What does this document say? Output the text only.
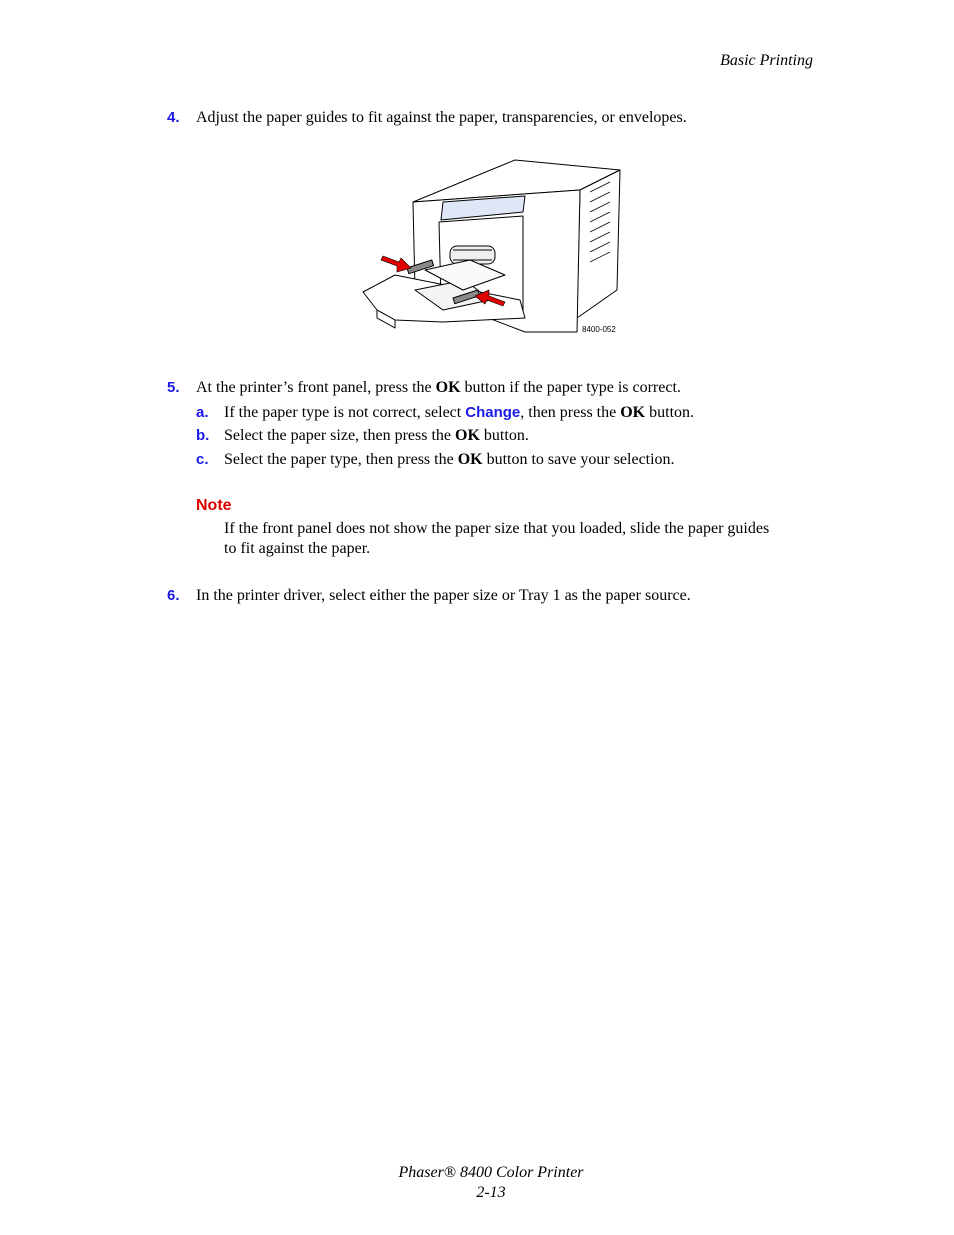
Basic Printing
4. Adjust the paper guides to fit against the paper, transparencies, or envelopes.
8400-052
5. At the printer’s front panel, press the OK button if the paper type is correct.
a. If the paper type is not correct, select Change, then press the OK button.
b. Select the paper size, then press the OK button.
c. Select the paper type, then press the OK button to save your selection.
Note
If the front panel does not show the paper size that you loaded, slide the paper guides
to fit against the paper.
6. In the printer driver, select either the paper size or Tray 1 as the paper source.
Phaser® 8400 Color Printer
2-13
